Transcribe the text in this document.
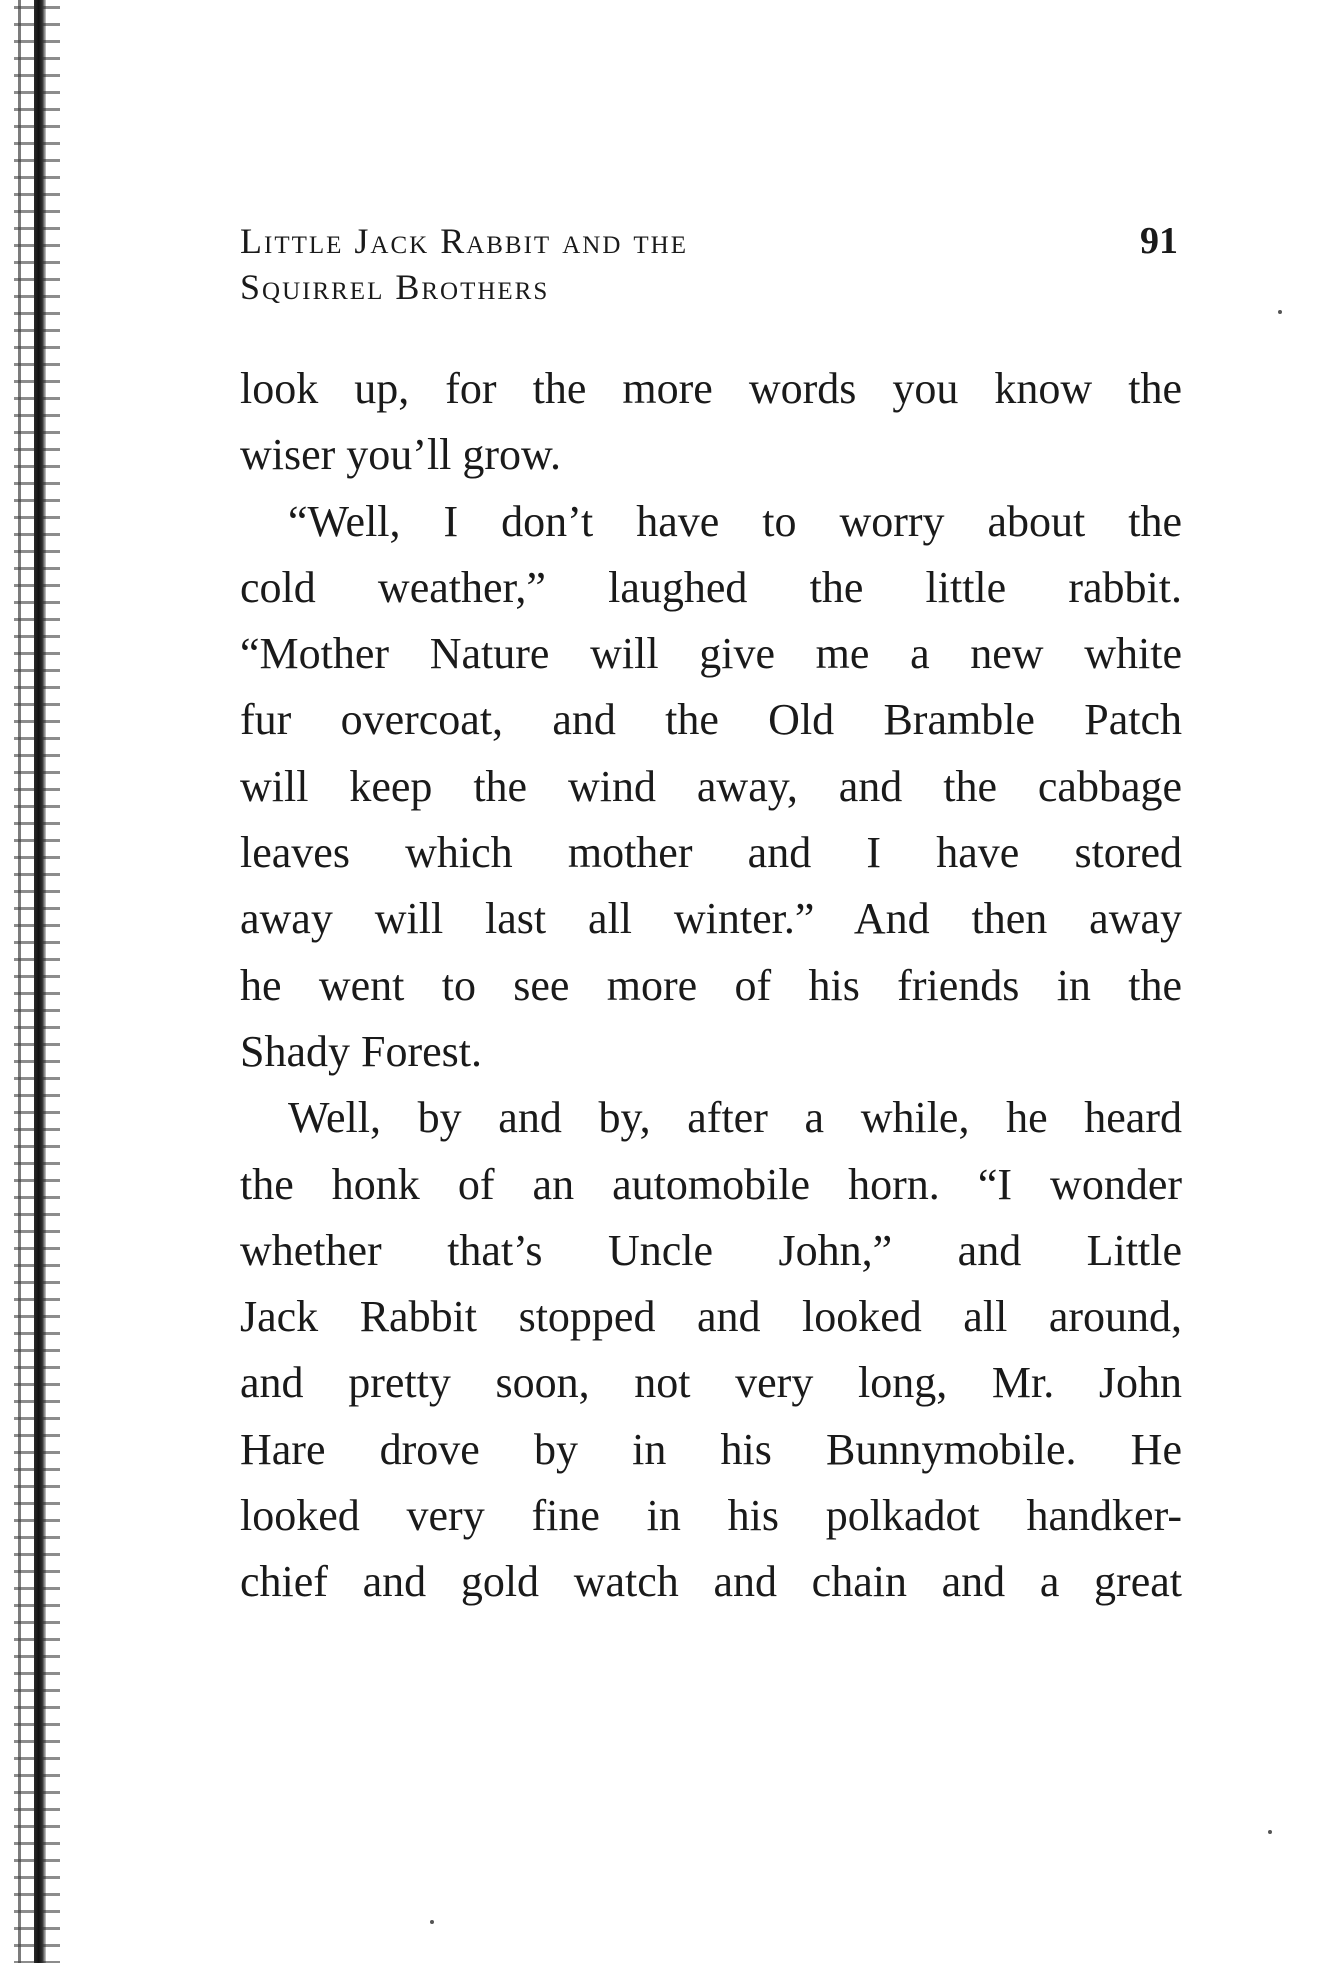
Little Jack Rabbit and the
Squirrel Brothers
91
look up, for the more words you know the
wiser you’ll grow.
“Well, I don’t have to worry about the
cold weather,” laughed the little rabbit.
“Mother Nature will give me a new white
fur overcoat, and the Old Bramble Patch
will keep the wind away, and the cabbage
leaves which mother and I have stored
away will last all winter.” And then away
he went to see more of his friends in the
Shady Forest.
Well, by and by, after a while, he heard
the honk of an automobile horn. “I wonder
whether that’s Uncle John,” and Little
Jack Rabbit stopped and looked all around,
and pretty soon, not very long, Mr. John
Hare drove by in his Bunnymobile. He
looked very fine in his polkadot handker-
chief and gold watch and chain and a great
